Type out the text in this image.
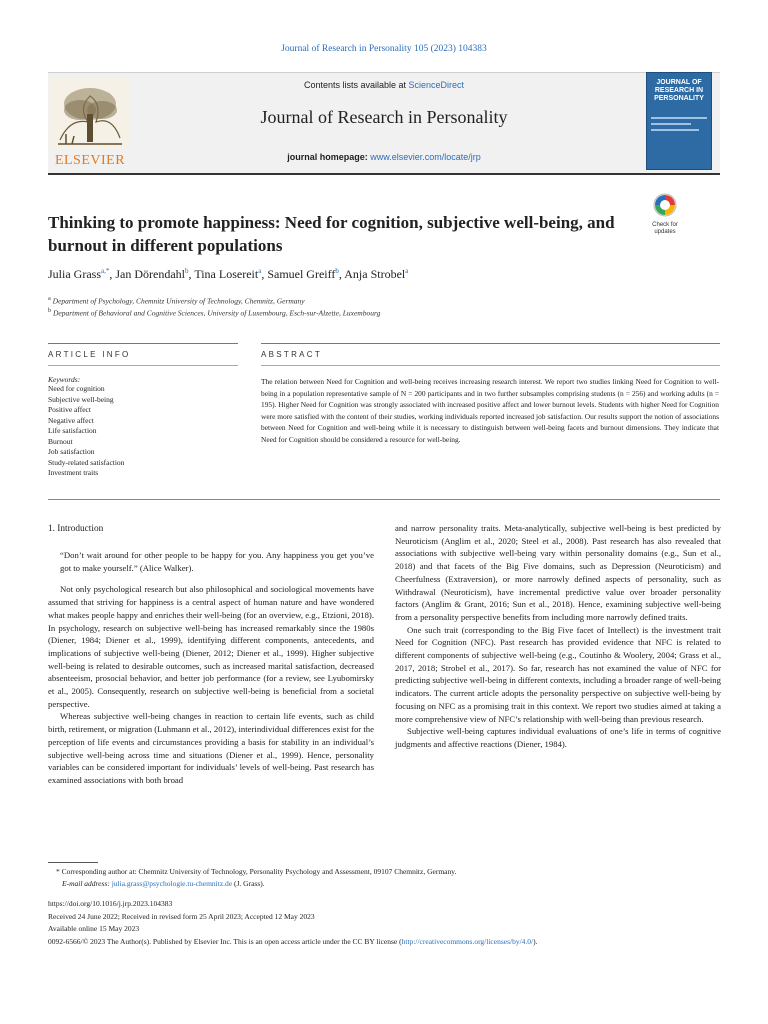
Journal of Research in Personality 105 (2023) 104383
ELSEVIER
Contents lists available at ScienceDirect
Journal of Research in Personality
journal homepage: www.elsevier.com/locate/jrp
JOURNAL OF
RESEARCH IN
PERSONALITY
Thinking to promote happiness: Need for cognition, subjective well-being, and burnout in different populations
Check for updates
Julia Grass$^{a,*}$, Jan Dörendahl$^b$, Tina Losereit$^a$, Samuel Greiff$^b$, Anja Strobel$^a$
$^a$ Department of Psychology, Chemnitz University of Technology, Chemnitz, Germany
$^b$ Department of Behavioral and Cognitive Sciences, University of Luxembourg, Esch-sur-Alzette, Luxembourg
ARTICLE INFO	ABSTRACT
Keywords:
Need for cognition
Subjective well-being
Positive affect
Negative affect
Life satisfaction
Burnout
Job satisfaction
Study-related satisfaction
Investment traits
The relation between Need for Cognition and well-being receives increasing research interest. We report two studies linking Need for Cognition to well-being in a population representative sample of N = 200 participants and in two further subsamples comprising students (n = 256) and working adults (n = 195). Higher Need for Cognition was strongly associated with increased positive affect and lower burnout levels. Students with higher Need for Cognition were more satisfied with the content of their studies, working individuals reported increased job satisfaction. Our results support the notion of associations between Need for Cognition and well-being while it is necessary to distinguish between well-being facets and burnout dimensions. They indicate that Need for Cognition should be considered a resource for well-being.
1. Introduction

“Don’t wait around for other people to be happy for you. Any happiness you get you’ve got to make yourself.” (Alice Walker).

Not only psychological research but also philosophical and sociological movements have assumed that striving for happiness is a central aspect of human nature and have wondered what makes people happy and enriches their well-being (for an overview, e.g., Etzioni, 2018). In psychology, research on subjective well-being has increased remarkably since the 1980s (Diener, 1984; Diener et al., 1999), identifying different components, antecedents, and implications of subjective well-being (Diener, 2012; Diener et al., 1999). Higher subjective well-being is related to desirable outcomes, such as increased marital satisfaction, decreased absenteeism, prosocial behavior, and better job performance (for a review, see Lyubomirsky et al., 2005). Consequently, research on subjective well-being is beneficial from a societal perspective.

Whereas subjective well-being changes in reaction to certain life events, such as child birth, retirement, or migration (Luhmann et al., 2012), interindividual differences exist for the perception of life events and circumstances providing a basis for stability in an individual’s subjective well-being across time and situations (Diener et al., 1999). Hence, personality variables can be considered important for individuals’ levels of well-being. Past research has examined associations with both broad

and narrow personality traits. Meta-analytically, subjective well-being is best predicted by Neuroticism (Anglim et al., 2020; Steel et al., 2008). Past research has also revealed that associations with subjective well-being vary within personality domains (e.g., Sun et al., 2018) and that facets of the Big Five domains, such as Depression (Neuroticism) and Cheerfulness (Extraversion), or more narrowly defined aspects of personality, such as Withdrawal (Neuroticism), have incremental predictive value over broader personality factors (Anglim & Grant, 2016; Sun et al., 2018). Hence, examining subjective well-being from a personality perspective benefits from including more narrowly defined traits.

One such trait (corresponding to the Big Five facet of Intellect) is the investment trait Need for Cognition (NFC). Past research has provided evidence that NFC is related to different components of subjective well-being (e.g., Coutinho & Woolery, 2004; Grass et al., 2017, 2018; Strobel et al., 2017). So far, research has not examined the value of NFC for predicting subjective well-being in different contexts, including a broader range of well-being indicators. The current article adopts the personality perspective on subjective well-being by focusing on NFC as a promising trait in this context. We report two studies aimed at taking a more comprehensive view of NFC’s relationship with well-being than previous research.

Subjective well-being captures individual evaluations of one’s life in terms of cognitive judgments and affective reactions (Diener, 1984).

* Corresponding author at: Chemnitz University of Technology, Personality Psychology and Assessment, 09107 Chemnitz, Germany.
E-mail address: julia.grass@psychologie.tu-chemnitz.de (J. Grass).
https://doi.org/10.1016/j.jrp.2023.104383
Received 24 June 2022; Received in revised form 25 April 2023; Accepted 12 May 2023
Available online 15 May 2023
0092-6566/© 2023 The Author(s). Published by Elsevier Inc. This is an open access article under the CC BY license (http://creativecommons.org/licenses/by/4.0/).
